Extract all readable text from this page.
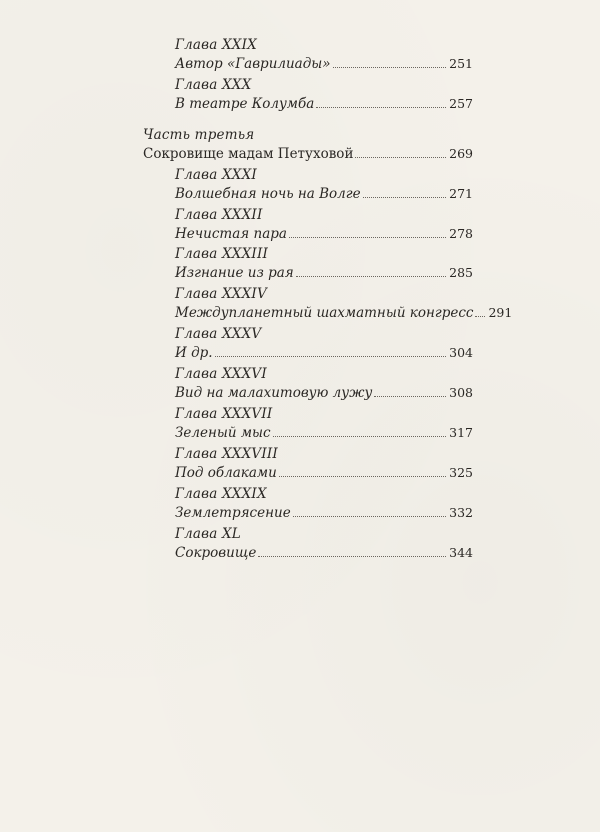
Глава XXIX
Автор «Гаврилиады»	251
Глава XXX
В театре Колумба	257
Часть третья
Сокровище мадам Петуховой	269
Глава XXXI
Волшебная ночь на Волге	271
Глава XXXII
Нечистая пара	278
Глава XXXIII
Изгнание из рая	285
Глава XXXIV
Междупланетный шахматный конгресс 291
Глава XXXV
И др.	304
Глава XXXVI
Вид на малахитовую лужу	308
Глава XXXVII
Зеленый мыс	317
Глава XXXVIII
Под облаками	325
Глава XXXIX
Землетрясение	332
Глава XL
Сокровище	344
